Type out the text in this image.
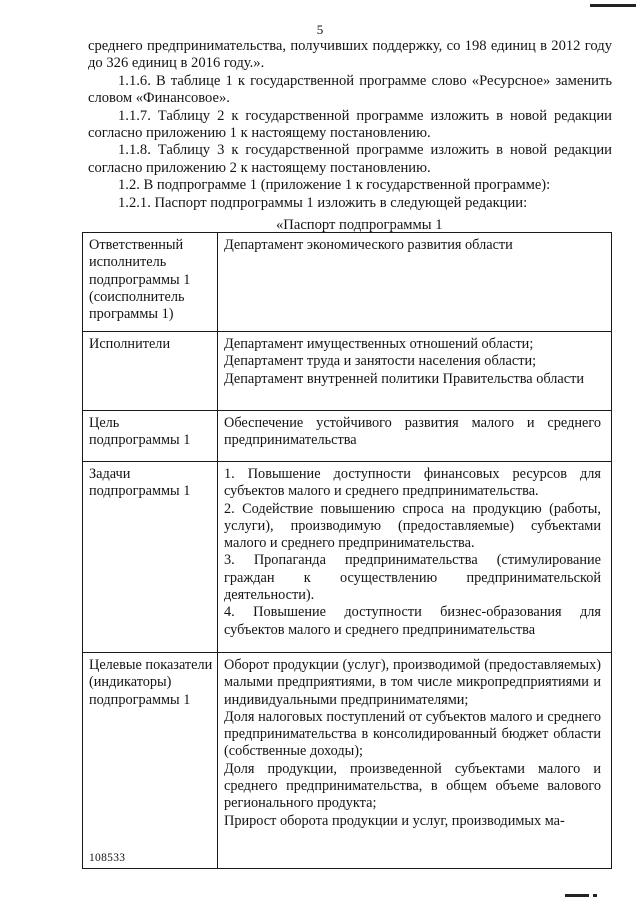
5

среднего предпринимательства, получивших поддержку, со 198 единиц в 2012 году до 326 единиц в 2016 году.».

1.1.6. В таблице 1 к государственной программе слово «Ресурсное» заменить словом «Финансовое».

1.1.7. Таблицу 2 к государственной программе изложить в новой редакции согласно приложению 1 к настоящему постановлению.

1.1.8. Таблицу 3 к государственной программе изложить в новой редакции согласно приложению 2 к настоящему постановлению.

1.2. В подпрограмме 1 (приложение 1 к государственной программе):

1.2.1. Паспорт подпрограммы 1 изложить в следующей редакции:

«Паспорт подпрограммы 1
Ответственный исполнитель подпрограммы 1 (соисполнитель программы 1)	Департамент экономического развития области
Исполнители	Департамент имущественных отношений области;
Департамент труда и занятости населения области;
Департамент внутренней политики Правительства области

Цель подпрограммы 1	Обеспечение устойчивого развития малого и среднего предпринимательства
Задачи подпрограммы 1	1. Повышение доступности финансовых ресурсов для субъектов малого и среднего предпринимательства.
2. Содействие повышению спроса на продукцию (работы, услуги), производимую (предоставляемые) субъектами малого и среднего предпринимательства.
3. Пропаганда предпринимательства (стимулирование граждан к осуществлению предпринимательской деятельности).
4. Повышение доступности бизнес-образования для субъектов малого и среднего предпринимательства

Целевые показатели (индикаторы) подпрограммы 1	Оборот продукции (услуг), производимой (предоставляемых) малыми предприятиями, в том числе микропредприятиями и индивидуальными предпринимателями;
Доля налоговых поступлений от субъектов малого и среднего предпринимательства в консолидированный бюджет области (собственные доходы);
Доля продукции, произведенной субъектами малого и среднего предпринимательства, в общем объеме валового регионального продукта;
Прирост оборота продукции и услуг, производимых ма-
108533
